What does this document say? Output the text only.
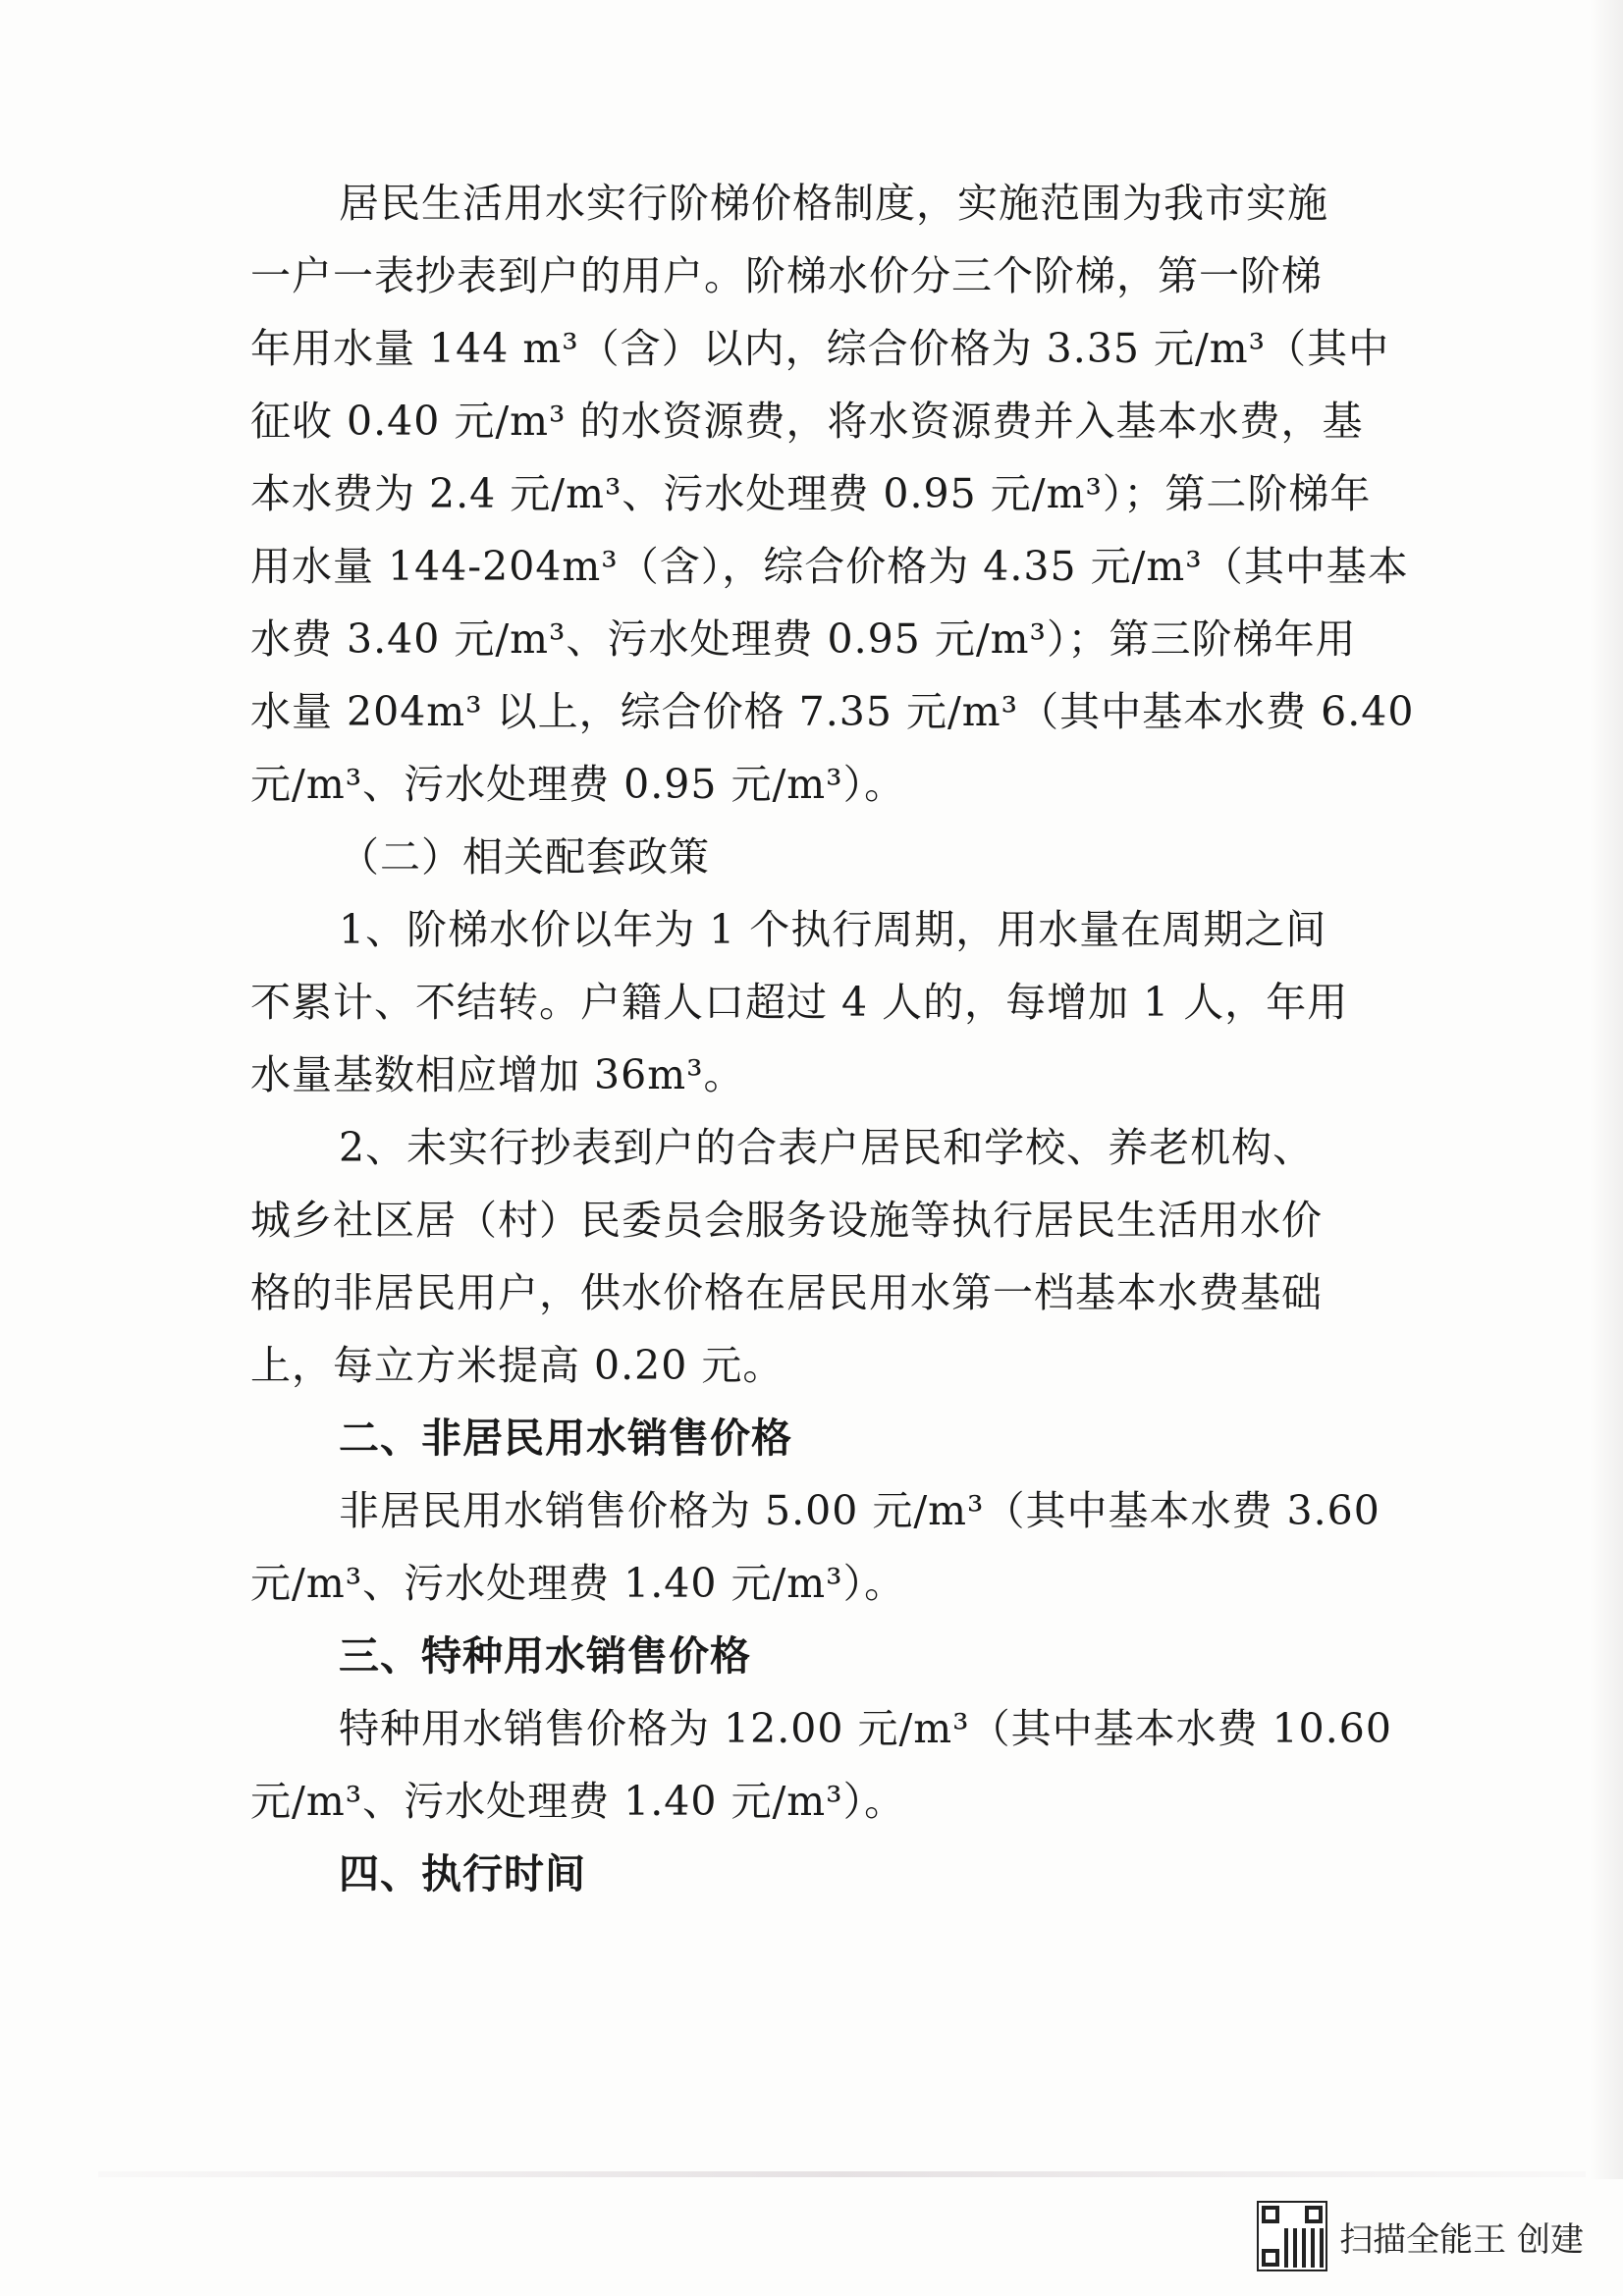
居民生活用水实行阶梯价格制度，实施范围为我市实施
一户一表抄表到户的用户。阶梯水价分三个阶梯，第一阶梯
年用水量 144 m³（含）以内，综合价格为 3.35 元/m³（其中
征收 0.40 元/m³ 的水资源费，将水资源费并入基本水费，基
本水费为 2.4 元/m³、污水处理费 0.95 元/m³）；第二阶梯年
用水量 144-204m³（含），综合价格为 4.35 元/m³（其中基本
水费 3.40 元/m³、污水处理费 0.95 元/m³）；第三阶梯年用
水量 204m³ 以上，综合价格 7.35 元/m³（其中基本水费 6.40
元/m³、污水处理费 0.95 元/m³）。
（二）相关配套政策
1、阶梯水价以年为 1 个执行周期，用水量在周期之间
不累计、不结转。户籍人口超过 4 人的，每增加 1 人，年用
水量基数相应增加 36m³。
2、未实行抄表到户的合表户居民和学校、养老机构、
城乡社区居（村）民委员会服务设施等执行居民生活用水价
格的非居民用户，供水价格在居民用水第一档基本水费基础
上，每立方米提高 0.20 元。
二、非居民用水销售价格
非居民用水销售价格为 5.00 元/m³（其中基本水费 3.60
元/m³、污水处理费 1.40 元/m³）。
三、特种用水销售价格
特种用水销售价格为 12.00 元/m³（其中基本水费 10.60
元/m³、污水处理费 1.40 元/m³）。
四、执行时间
扫描全能王 创建
